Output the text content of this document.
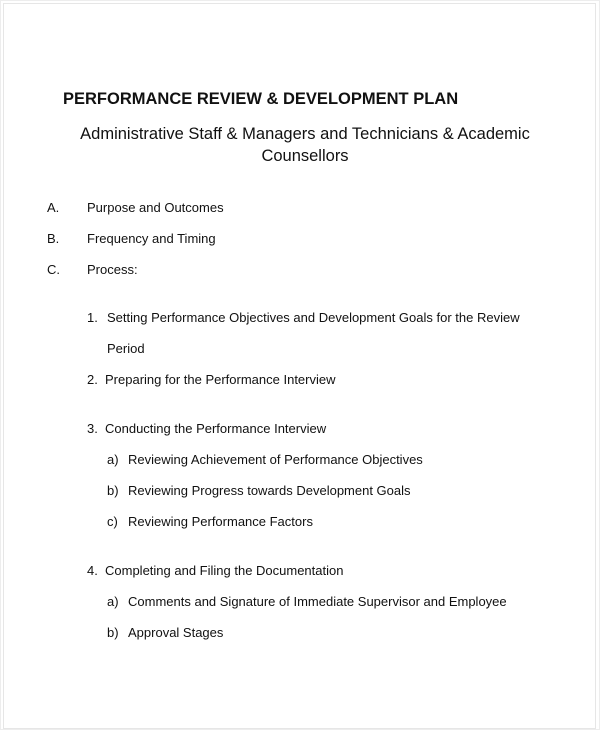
PERFORMANCE REVIEW & DEVELOPMENT PLAN
Administrative Staff & Managers and Technicians & Academic
Counsellors
A. Purpose and Outcomes
B. Frequency and Timing
C. Process:
1. Setting Performance Objectives and Development Goals for the Review
Period
2. Preparing for the Performance Interview
3. Conducting the Performance Interview
a) Reviewing Achievement of Performance Objectives
b) Reviewing Progress towards Development Goals
c) Reviewing Performance Factors
4. Completing and Filing the Documentation
a) Comments and Signature of Immediate Supervisor and Employee
b) Approval Stages
